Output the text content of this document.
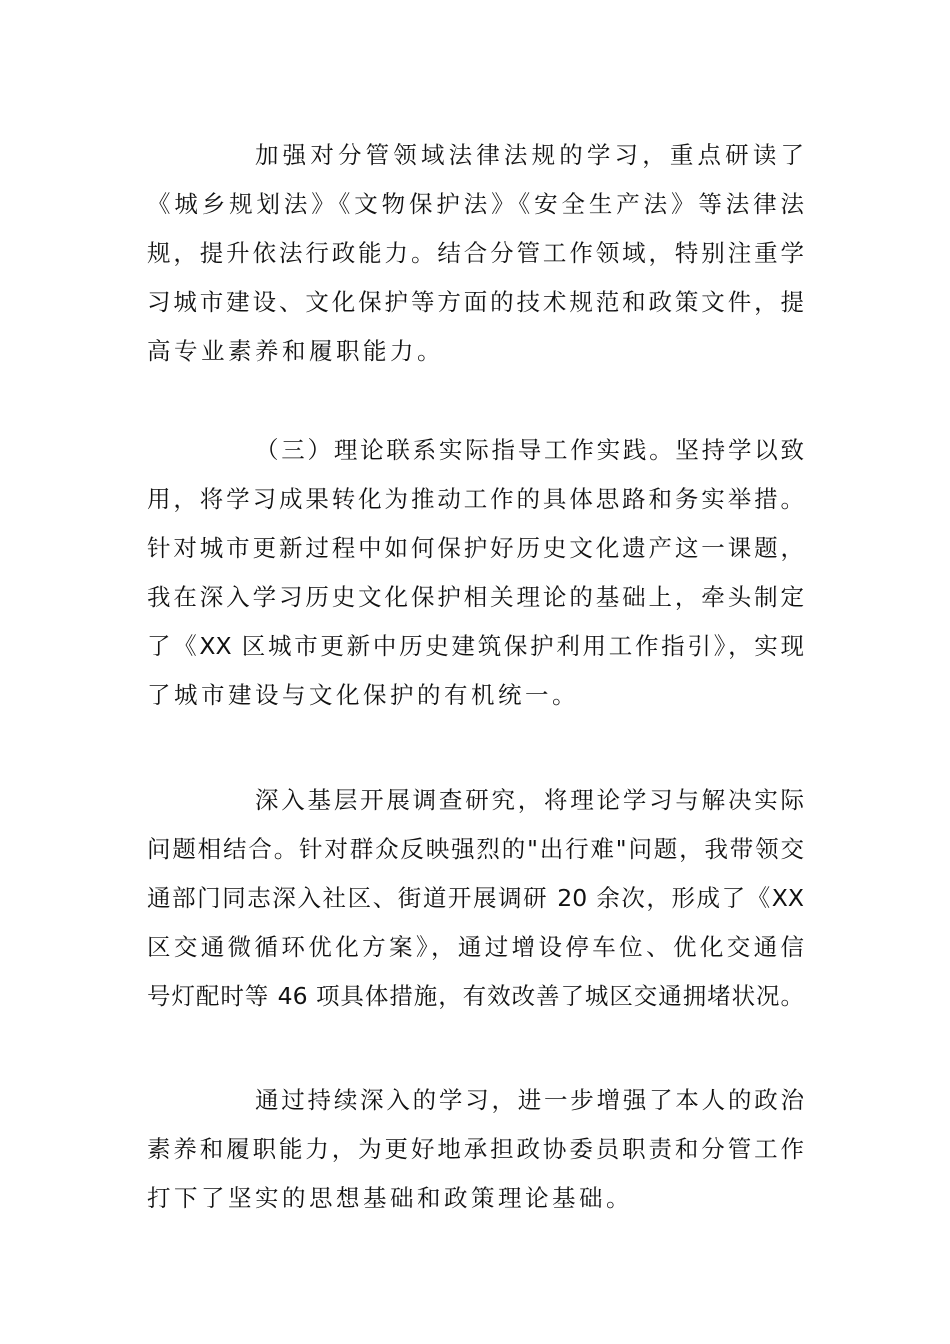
加强对分管领域法律法规的学习，重点研读了
《城乡规划法》《文物保护法》《安全生产法》等法律法
规，提升依法行政能力。结合分管工作领域，特别注重学
习城市建设、文化保护等方面的技术规范和政策文件，提
高专业素养和履职能力。
（三）理论联系实际指导工作实践。坚持学以致
用，将学习成果转化为推动工作的具体思路和务实举措。
针对城市更新过程中如何保护好历史文化遗产这一课题，
我在深入学习历史文化保护相关理论的基础上，牵头制定
了《XX 区城市更新中历史建筑保护利用工作指引》，实现
了城市建设与文化保护的有机统一。
深入基层开展调查研究，将理论学习与解决实际
问题相结合。针对群众反映强烈的"出行难"问题，我带领交
通部门同志深入社区、街道开展调研 20 余次，形成了《XX
区交通微循环优化方案》，通过增设停车位、优化交通信
号灯配时等 46 项具体措施，有效改善了城区交通拥堵状况。
通过持续深入的学习，进一步增强了本人的政治
素养和履职能力，为更好地承担政协委员职责和分管工作
打下了坚实的思想基础和政策理论基础。
